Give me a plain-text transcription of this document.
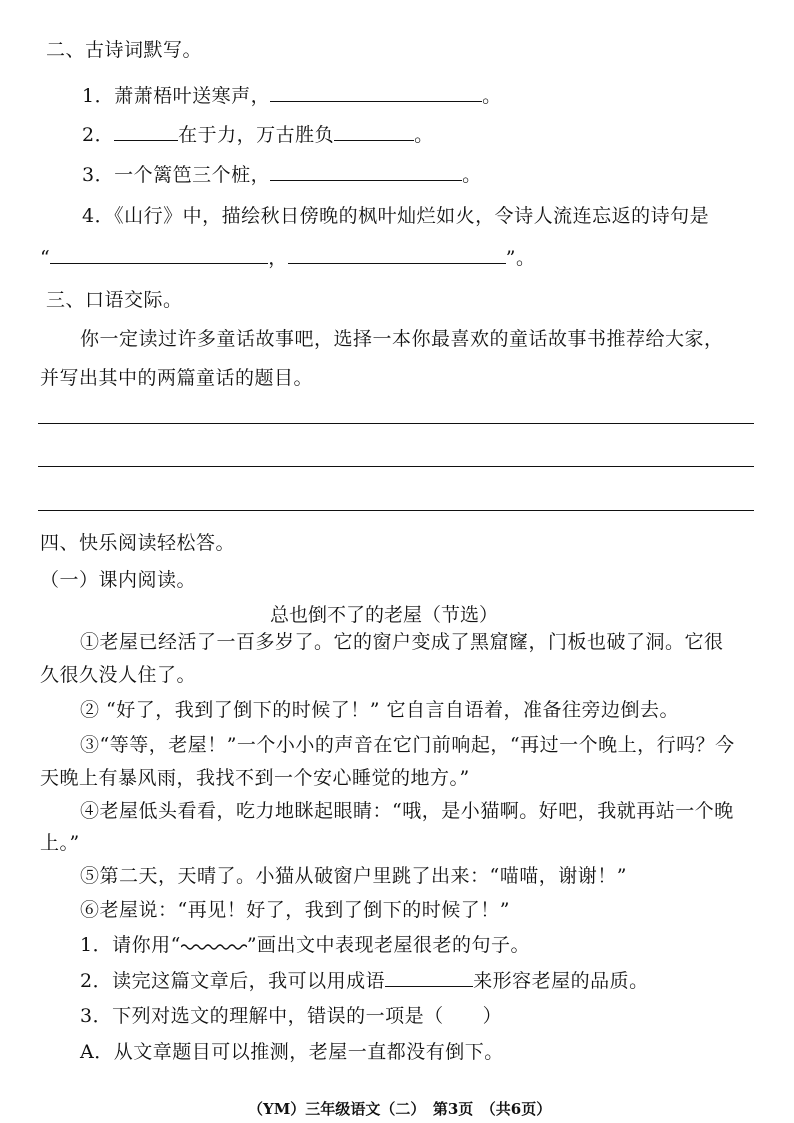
二、古诗词默写。
1．萧萧梧叶送寒声，	。
2．	在于力，万古胜负	。
3．一个篱笆三个桩，	。
4．《山行》中，描绘秋日傍晚的枫叶灿烂如火，令诗人流连忘返的诗句是
“	，	”。
三、口语交际。
你一定读过许多童话故事吧，选择一本你最喜欢的童话故事书推荐给大家，
并写出其中的两篇童话的题目。
四、快乐阅读轻松答。
（一）课内阅读。
总也倒不了的老屋（节选）
①老屋已经活了一百多岁了。它的窗户变成了黑窟窿，门板也破了洞。它很
久很久没人住了。
② “好了，我到了倒下的时候了！” 它自言自语着，准备往旁边倒去。
③“等等，老屋！”一个小小的声音在它门前响起，“再过一个晚上，行吗？今
天晚上有暴风雨，我找不到一个安心睡觉的地方。”
④老屋低头看看，吃力地眯起眼睛：“哦，是小猫啊。好吧，我就再站一个晚
上。”
⑤第二天，天晴了。小猫从破窗户里跳了出来：“喵喵，谢谢！”
⑥老屋说：“再见！好了，我到了倒下的时候了！”
1．请你用“	”画出文中表现老屋很老的句子。
2．读完这篇文章后，我可以用成语	来形容老屋的品质。
3．下列对选文的理解中，错误的一项是（　　）
A．从文章题目可以推测，老屋一直都没有倒下。
（YM）三年级语文（二）　第3页　（共6页）
